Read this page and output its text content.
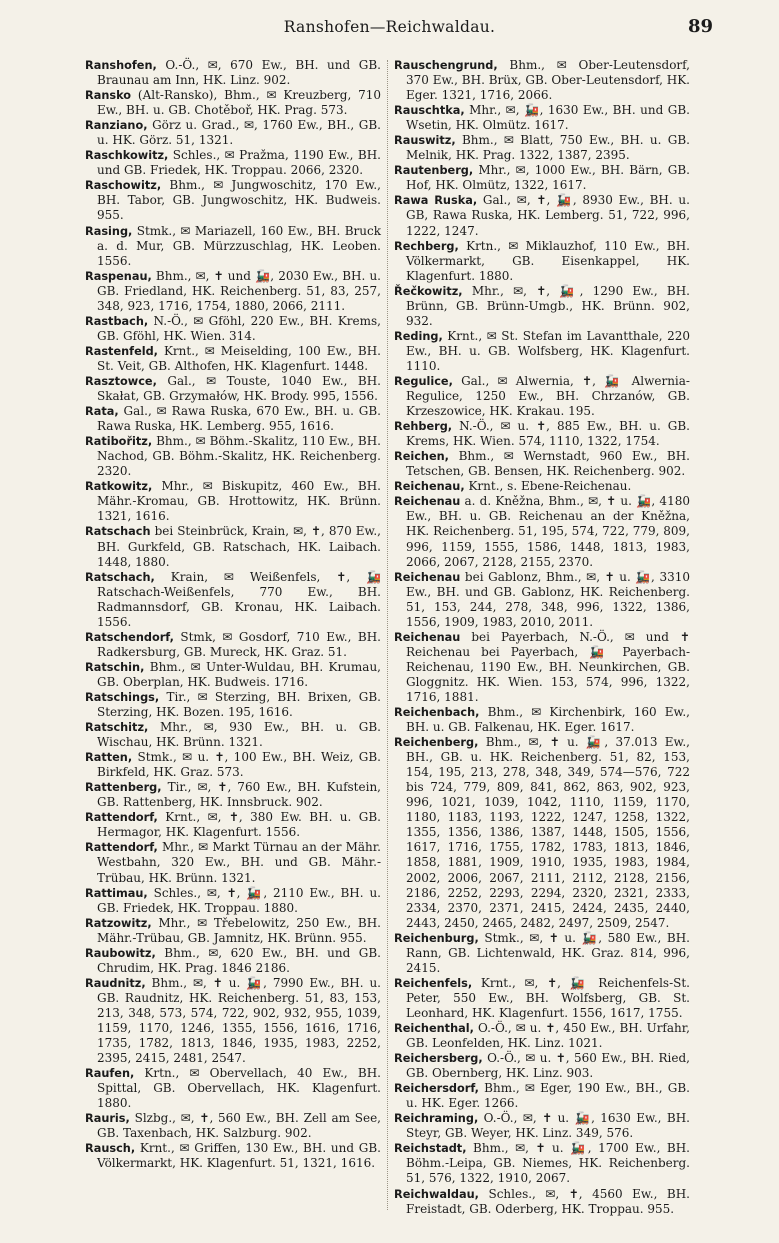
Ranshofen—Reichwaldau.	89

Ranshofen, O.-Ö., ✉, 670 Ew., BH. und GB. Braunau am Inn, HK. Linz. 902.

Ransko (Alt-Ransko), Bhm., ✉ Kreuzberg, 710 Ew., BH. u. GB. Chotěboř, HK. Prag. 573.

Ranziano, Görz u. Grad., ✉, 1760 Ew., BH., GB. u. HK. Görz. 51, 1321.

Raschkowitz, Schles., ✉ Pražma, 1190 Ew., BH. und GB. Friedek, HK. Troppau. 2066, 2320.

Raschowitz, Bhm., ✉ Jungwoschitz, 170 Ew., BH. Tabor, GB. Jungwoschitz, HK. Budweis. 955.

Rasing, Stmk., ✉ Mariazell, 160 Ew., BH. Bruck a. d. Mur, GB. Mürzzuschlag, HK. Leoben. 1556.

Raspenau, Bhm., ✉, ✝ und 🚂, 2030 Ew., BH. u. GB. Friedland, HK. Reichenberg. 51, 83, 257, 348, 923, 1716, 1754, 1880, 2066, 2111.

Rastbach, N.-Ö., ✉ Gföhl, 220 Ew., BH. Krems, GB. Gföhl, HK. Wien. 314.

Rastenfeld, Krnt., ✉ Meiselding, 100 Ew., BH. St. Veit, GB. Althofen, HK. Klagenfurt. 1448.

Rasztowce, Gal., ✉ Touste, 1040 Ew., BH. Skałat, GB. Grzymałów, HK. Brody. 995, 1556.

Rata, Gal., ✉ Rawa Ruska, 670 Ew., BH. u. GB. Rawa Ruska, HK. Lemberg. 955, 1616.

Ratibořitz, Bhm., ✉ Böhm.-Skalitz, 110 Ew., BH. Nachod, GB. Böhm.-Skalitz, HK. Reichenberg. 2320.

Ratkowitz, Mhr., ✉ Biskupitz, 460 Ew., BH. Mähr.-Kromau, GB. Hrottowitz, HK. Brünn. 1321, 1616.

Ratschach bei Steinbrück, Krain, ✉, ✝, 870 Ew., BH. Gurkfeld, GB. Ratschach, HK. Laibach. 1448, 1880.

Ratschach, Krain, ✉ Weißenfels, ✝, 🚂 Ratschach-Weißenfels, 770 Ew., BH. Radmannsdorf, GB. Kronau, HK. Laibach. 1556.

Ratschendorf, Stmk, ✉ Gosdorf, 710 Ew., BH. Radkersburg, GB. Mureck, HK. Graz. 51.

Ratschin, Bhm., ✉ Unter-Wuldau, BH. Krumau, GB. Oberplan, HK. Budweis. 1716.

Ratschings, Tir., ✉ Sterzing, BH. Brixen, GB. Sterzing, HK. Bozen. 195, 1616.

Ratschitz, Mhr., ✉, 930 Ew., BH. u. GB. Wischau, HK. Brünn. 1321.

Ratten, Stmk., ✉ u. ✝, 100 Ew., BH. Weiz, GB. Birkfeld, HK. Graz. 573.

Rattenberg, Tir., ✉, ✝, 760 Ew., BH. Kufstein, GB. Rattenberg, HK. Innsbruck. 902.

Rattendorf, Krnt., ✉, ✝, 380 Ew. BH. u. GB. Hermagor, HK. Klagenfurt. 1556.

Rattendorf, Mhr., ✉ Markt Türnau an der Mähr. Westbahn, 320 Ew., BH. und GB. Mähr.-Trübau, HK. Brünn. 1321.

Rattimau, Schles., ✉, ✝, 🚂, 2110 Ew., BH. u. GB. Friedek, HK. Troppau. 1880.

Ratzowitz, Mhr., ✉ Třebelowitz, 250 Ew., BH. Mähr.-Trübau, GB. Jamnitz, HK. Brünn. 955.

Raubowitz, Bhm., ✉, 620 Ew., BH. und GB. Chrudim, HK. Prag. 1846 2186.

Raudnitz, Bhm., ✉, ✝ u. 🚂, 7990 Ew., BH. u. GB. Raudnitz, HK. Reichenberg. 51, 83, 153, 213, 348, 573, 574, 722, 902, 932, 955, 1039, 1159, 1170, 1246, 1355, 1556, 1616, 1716, 1735, 1782, 1813, 1846, 1935, 1983, 2252, 2395, 2415, 2481, 2547.

Raufen, Krtn., ✉ Obervellach, 40 Ew., BH. Spittal, GB. Obervellach, HK. Klagenfurt. 1880.

Rauris, Slzbg., ✉, ✝, 560 Ew., BH. Zell am See, GB. Taxenbach, HK. Salzburg. 902.

Rausch, Krnt., ✉ Griffen, 130 Ew., BH. und GB. Völkermarkt, HK. Klagenfurt. 51, 1321, 1616.

Rauschengrund, Bhm., ✉ Ober-Leutensdorf, 370 Ew., BH. Brüx, GB. Ober-Leutensdorf, HK. Eger. 1321, 1716, 2066.

Rauschtka, Mhr., ✉, 🚂, 1630 Ew., BH. und GB. Wsetin, HK. Olmütz. 1617.

Rauswitz, Bhm., ✉ Blatt, 750 Ew., BH. u. GB. Melnik, HK. Prag. 1322, 1387, 2395.

Rautenberg, Mhr., ✉, 1000 Ew., BH. Bärn, GB. Hof, HK. Olmütz, 1322, 1617.

Rawa Ruska, Gal., ✉, ✝, 🚂, 8930 Ew., BH. u. GB, Rawa Ruska, HK. Lemberg. 51, 722, 996, 1222, 1247.

Rechberg, Krtn., ✉ Miklauzhof, 110 Ew., BH. Völkermarkt, GB. Eisenkappel, HK. Klagenfurt. 1880.

Řečkowitz, Mhr., ✉, ✝, 🚂, 1290 Ew., BH. Brünn, GB. Brünn-Umgb., HK. Brünn. 902, 932.

Reding, Krnt., ✉ St. Stefan im Lavantthale, 220 Ew., BH. u. GB. Wolfsberg, HK. Klagenfurt. 1110.

Regulice, Gal., ✉ Alwernia, ✝, 🚂 Alwernia-Regulice, 1250 Ew., BH. Chrzanów, GB. Krzeszowice, HK. Krakau. 195.

Rehberg, N.-Ö., ✉ u. ✝, 885 Ew., BH. u. GB. Krems, HK. Wien. 574, 1110, 1322, 1754.

Reichen, Bhm., ✉ Wernstadt, 960 Ew., BH. Tetschen, GB. Bensen, HK. Reichenberg. 902.

Reichenau, Krnt., s. Ebene-Reichenau.

Reichenau a. d. Kněžna, Bhm., ✉, ✝ u. 🚂, 4180 Ew., BH. u. GB. Reichenau an der Kněžna, HK. Reichenberg. 51, 195, 574, 722, 779, 809, 996, 1159, 1555, 1586, 1448, 1813, 1983, 2066, 2067, 2128, 2155, 2370.

Reichenau bei Gablonz, Bhm., ✉, ✝ u. 🚂, 3310 Ew., BH. und GB. Gablonz, HK. Reichenberg. 51, 153, 244, 278, 348, 996, 1322, 1386, 1556, 1909, 1983, 2010, 2011.

Reichenau bei Payerbach, N.-Ö., ✉ und ✝ Reichenau bei Payerbach, 🚂 Payerbach-Reichenau, 1190 Ew., BH. Neunkirchen, GB. Gloggnitz. HK. Wien. 153, 574, 996, 1322, 1716, 1881.

Reichenbach, Bhm., ✉ Kirchenbirk, 160 Ew., BH. u. GB. Falkenau, HK. Eger. 1617.

Reichenberg, Bhm., ✉, ✝ u. 🚂, 37.013 Ew., BH., GB. u. HK. Reichenberg. 51, 82, 153, 154, 195, 213, 278, 348, 349, 574—576, 722 bis 724, 779, 809, 841, 862, 863, 902, 923, 996, 1021, 1039, 1042, 1110, 1159, 1170, 1180, 1183, 1193, 1222, 1247, 1258, 1322, 1355, 1356, 1386, 1387, 1448, 1505, 1556, 1617, 1716, 1755, 1782, 1783, 1813, 1846, 1858, 1881, 1909, 1910, 1935, 1983, 1984, 2002, 2006, 2067, 2111, 2112, 2128, 2156, 2186, 2252, 2293, 2294, 2320, 2321, 2333, 2334, 2370, 2371, 2415, 2424, 2435, 2440, 2443, 2450, 2465, 2482, 2497, 2509, 2547.

Reichenburg, Stmk., ✉, ✝ u. 🚂, 580 Ew., BH. Rann, GB. Lichtenwald, HK. Graz. 814, 996, 2415.

Reichenfels, Krnt., ✉, ✝, 🚂 Reichenfels-St. Peter, 550 Ew., BH. Wolfsberg, GB. St. Leonhard, HK. Klagenfurt. 1556, 1617, 1755.

Reichenthal, O.-Ö., ✉ u. ✝, 450 Ew., BH. Urfahr, GB. Leonfelden, HK. Linz. 1021.

Reichersberg, O.-Ö., ✉ u. ✝, 560 Ew., BH. Ried, GB. Obernberg, HK. Linz. 903.

Reichersdorf, Bhm., ✉ Eger, 190 Ew., BH., GB. u. HK. Eger. 1266.

Reichraming, O.-Ö., ✉, ✝ u. 🚂, 1630 Ew., BH. Steyr, GB. Weyer, HK. Linz. 349, 576.

Reichstadt, Bhm., ✉, ✝ u. 🚂, 1700 Ew., BH. Böhm.-Leipa, GB. Niemes, HK. Reichenberg. 51, 576, 1322, 1910, 2067.

Reichwaldau, Schles., ✉, ✝, 4560 Ew., BH. Freistadt, GB. Oderberg, HK. Troppau. 955.
